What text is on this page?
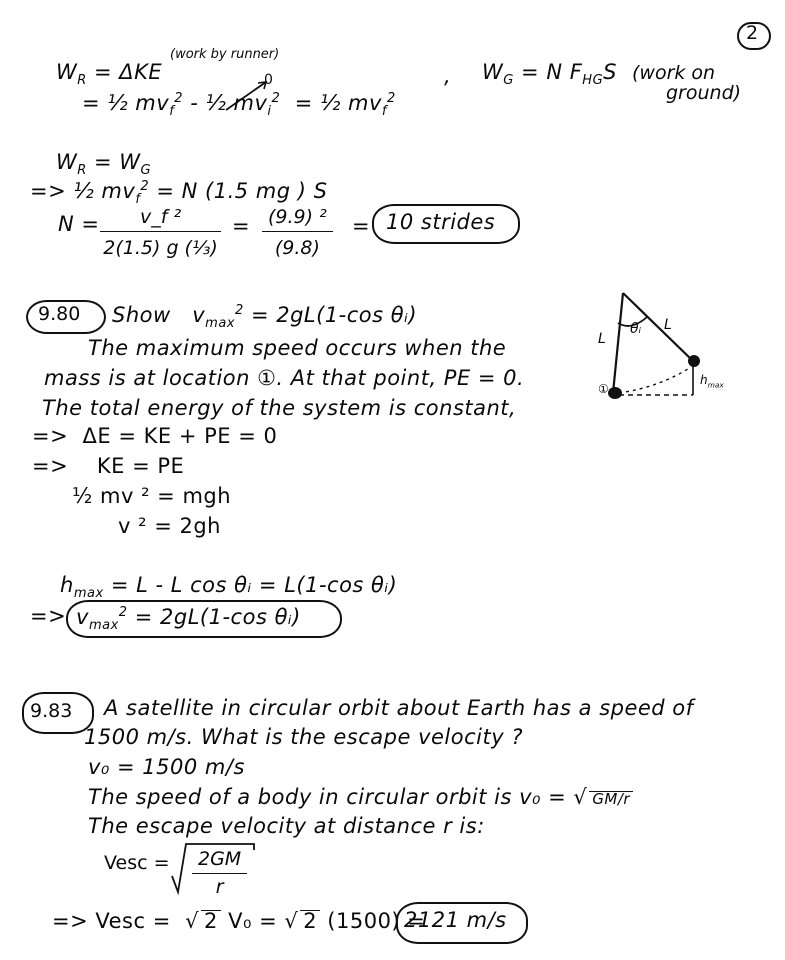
2
$W_R = \Delta KE$
(work by runner)
0
= ½ $mv_f^2$ - ½ $mv_i^2$ = ½ $mv_f^2$
, $W_G = N$ $F_{HG}S$ (work on
ground)
$W_R = W_G$
=> ½ $mv_f^2 = N$ (1.5 mg ) S
$N = \frac{\text{v\_f ²}}{\text{2(1.5) g (⅓)}} = \frac{\text{(9.9) ²}}{(9.8)} = 10$ strides
9.80 Show $v_{max}^2 = 2gL(1-\cos$ θᵢ)
The maximum speed occurs when the
mass is at location ①. At that point, PE = 0.
The total energy of the system is constant,
=>  ΔE = KE + PE = 0
=>    KE = PE
½ mv ² = mgh
v ² = 2gh
$h_{max} = L - L$ cos θᵢ = L(1-cos θᵢ)
=> $v_{max}^2 = 2gL(1-\cos$ θᵢ)
L
L
θᵢ
①
$h_{max}$
9.83 A satellite in circular orbit about Earth has a speed of
1500 m/s. What is the escape velocity ?
v₀ = 1500 m/s
The speed of a body in circular orbit is v₀ = √ GM/r
The escape velocity at distance r is:
Vesc = $\frac{2GM}{r}$
=> Vesc =  √ 2 V₀ = √ 2 (1500) =
2121 m/s
